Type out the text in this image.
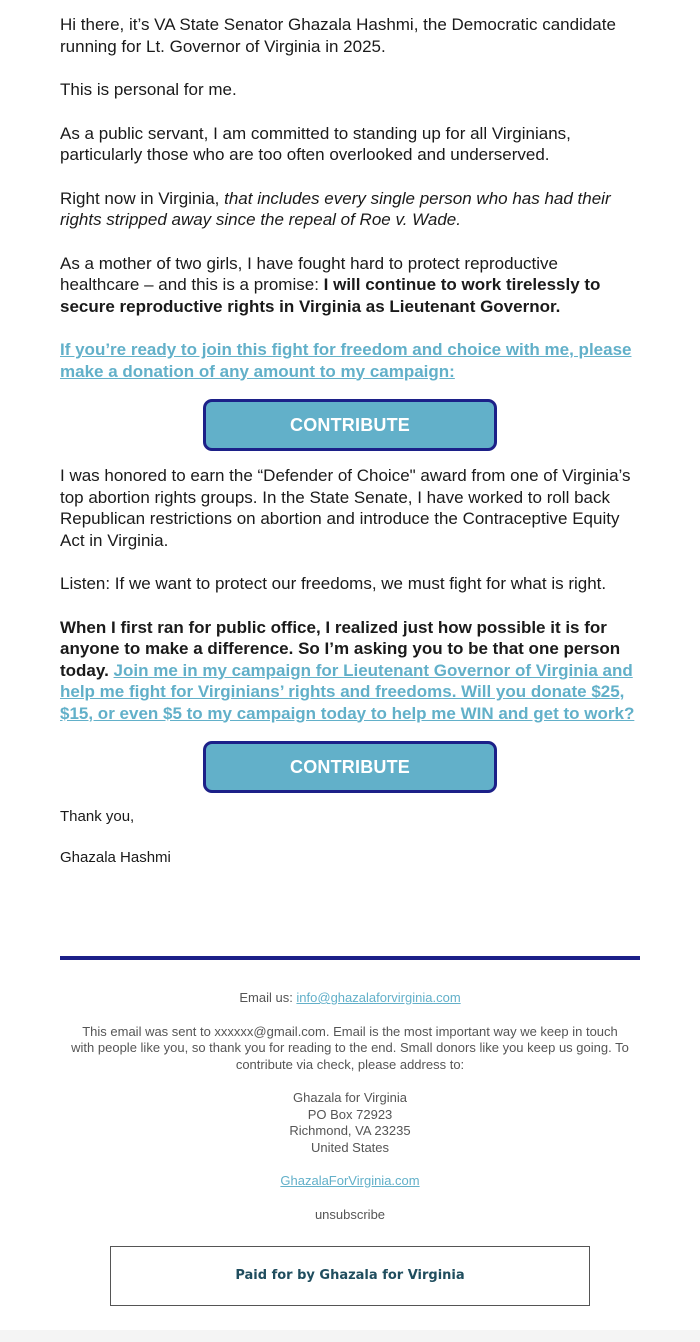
Hi there, it’s VA State Senator Ghazala Hashmi, the Democratic candidate running for Lt. Governor of Virginia in 2025.

This is personal for me.

As a public servant, I am committed to standing up for all Virginians, particularly those who are too often overlooked and underserved.

Right now in Virginia, that includes every single person who has had their rights stripped away since the repeal of Roe v. Wade.

As a mother of two girls, I have fought hard to protect reproductive healthcare – and this is a promise: I will continue to work tirelessly to secure reproductive rights in Virginia as Lieutenant Governor.

If you’re ready to join this fight for freedom and choice with me, please make a donation of any amount to my campaign:

CONTRIBUTE

I was honored to earn the “Defender of Choice" award from one of Virginia’s top abortion rights groups. In the State Senate, I have worked to roll back Republican restrictions on abortion and introduce the Contraceptive Equity Act in Virginia.

Listen: If we want to protect our freedoms, we must fight for what is right.

When I first ran for public office, I realized just how possible it is for anyone to make a difference. So I’m asking you to be that one person today. Join me in my campaign for Lieutenant Governor of Virginia and help me fight for Virginians’ rights and freedoms. Will you donate $25, $15, or even $5 to my campaign today to help me WIN and get to work?

CONTRIBUTE

Thank you,

Ghazala Hashmi

Email us: info@ghazalaforvirginia.com

This email was sent to xxxxxx@gmail.com. Email is the most important way we keep in touch with people like you, so thank you for reading to the end. Small donors like you keep us going. To contribute via check, please address to:

Ghazala for Virginia
PO Box 72923
Richmond, VA 23235
United States

GhazalaForVirginia.com

unsubscribe

Paid for by Ghazala for Virginia
